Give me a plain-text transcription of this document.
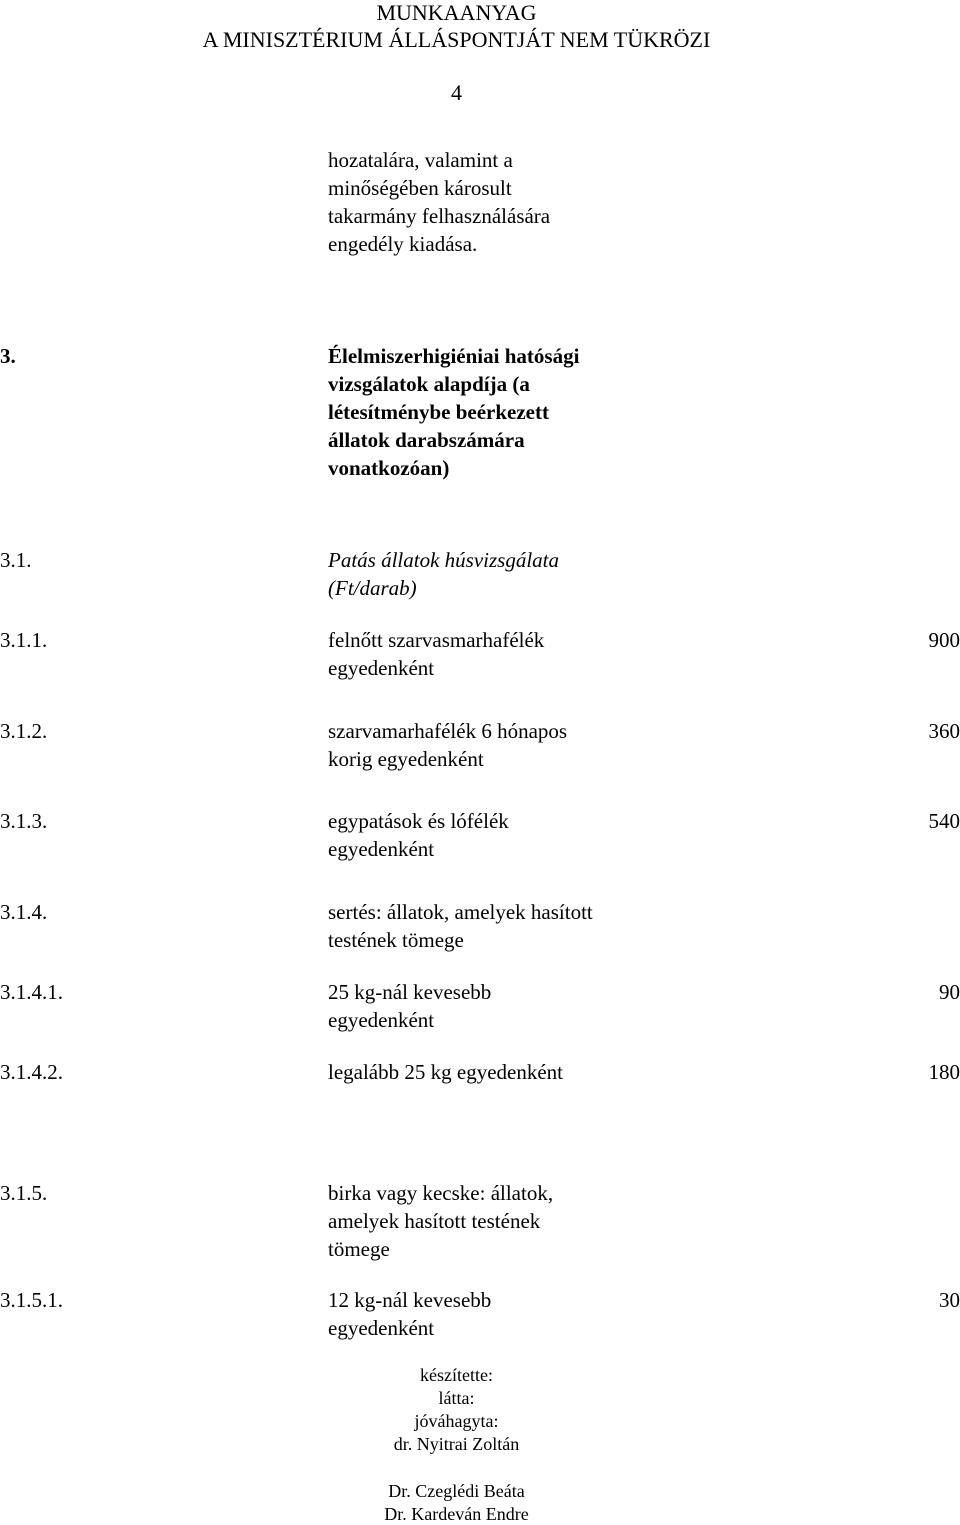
MUNKAANYAG
A MINISZTÉRIUM ÁLLÁSPONTJÁT NEM TÜKRÖZI
4
hozatalára, valamint a
minőségében károsult
takarmány felhasználására
engedély kiadása.
3.	Élelmiszerhigiéniai hatósági
vizsgálatok alapdíja (a
létesítménybe beérkezett
állatok darabszámára
vonatkozóan)
3.1.	Patás állatok húsvizsgálata
(Ft/darab)
3.1.1.	felnőtt szarvasmarhafélék
egyedenként
900
3.1.2.	szarvamarhafélék 6 hónapos
korig egyedenként
360
3.1.3.	egypatások és lófélék
egyedenként
540
3.1.4.	sertés: állatok, amelyek hasított
testének tömege
3.1.4.1.	25 kg-nál kevesebb
egyedenként
90
3.1.4.2.	legalább 25 kg egyedenként	180
3.1.5.	birka vagy kecske: állatok,
amelyek hasított testének
tömege
3.1.5.1.	12 kg-nál kevesebb
egyedenként
30
készítette:
látta:
jóváhagyta:
dr. Nyitrai Zoltán
Dr. Czeglédi Beáta
Dr. Kardeván Endre
